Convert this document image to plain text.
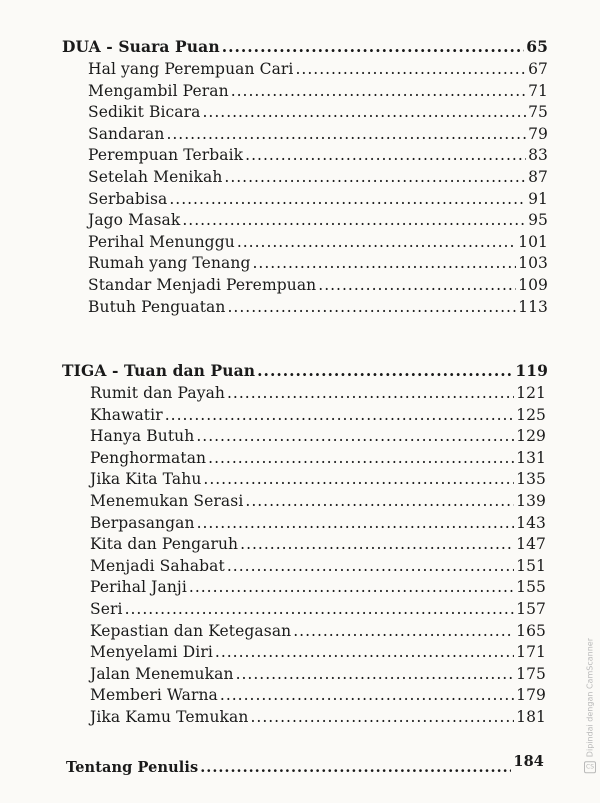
DUA - Suara Puan .....	65
Hal yang Perempuan Cari .....	67
Mengambil Peran .....	71
Sedikit Bicara .....	75
Sandaran .....	79
Perempuan Terbaik .....	83
Setelah Menikah .....	87
Serbabisa .....	91
Jago Masak .....	95
Perihal Menunggu .....	101
Rumah yang Tenang .....	103
Standar Menjadi Perempuan .....	109
Butuh Penguatan .....	113
TIGA - Tuan dan Puan .....	119
Rumit dan Payah .....	121
Khawatir .....	125
Hanya Butuh .....	129
Penghormatan .....	131
Jika Kita Tahu .....	135
Menemukan Serasi .....	139
Berpasangan .....	143
Kita dan Pengaruh .....	147
Menjadi Sahabat .....	151
Perihal Janji .....	155
Seri .....	157
Kepastian dan Ketegasan .....	165
Menyelami Diri .....	171
Jalan Menemukan .....	175
Memberi Warna .....	179
Jika Kamu Temukan .....	181
Tentang Penulis .....	184	CS
Dipindai dengan CamScanner
